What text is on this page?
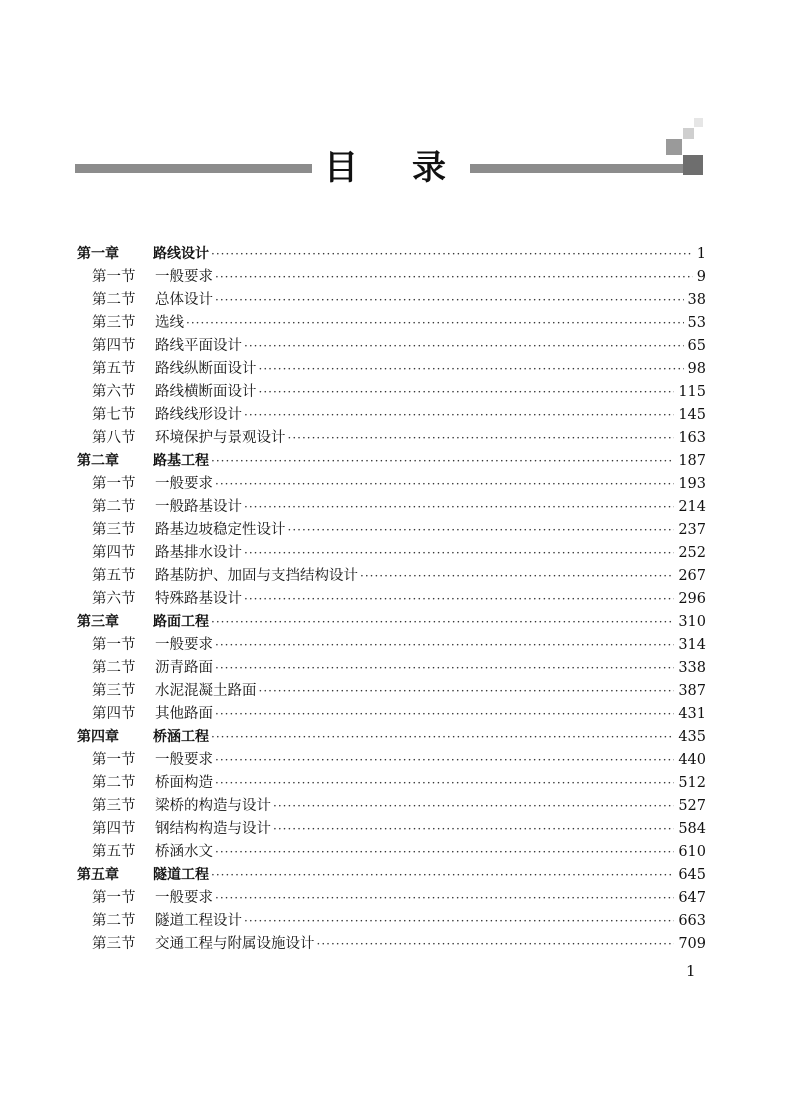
目 录
第一章	路线设计 ·····	1
第一节	一般要求 ·····	9
第二节	总体设计 ·····	38
第三节	选线 ·····	53
第四节	路线平面设计 ·····	65
第五节	路线纵断面设计 ·····	98
第六节	路线横断面设计 ·····	115
第七节	路线线形设计 ·····	145
第八节	环境保护与景观设计 ·····	163
第二章	路基工程 ·····	187
第一节	一般要求 ·····	193
第二节	一般路基设计 ·····	214
第三节	路基边坡稳定性设计 ·····	237
第四节	路基排水设计 ·····	252
第五节	路基防护、加固与支挡结构设计 ·····	267
第六节	特殊路基设计 ·····	296
第三章	路面工程 ·····	310
第一节	一般要求 ·····	314
第二节	沥青路面 ·····	338
第三节	水泥混凝土路面 ·····	387
第四节	其他路面 ·····	431
第四章	桥涵工程 ·····	435
第一节	一般要求 ·····	440
第二节	桥面构造 ·····	512
第三节	梁桥的构造与设计 ·····	527
第四节	钢结构构造与设计 ·····	584
第五节	桥涵水文 ·····	610
第五章	隧道工程 ·····	645
第一节	一般要求 ·····	647
第二节	隧道工程设计 ·····	663
第三节	交通工程与附属设施设计 ·····	709
1
